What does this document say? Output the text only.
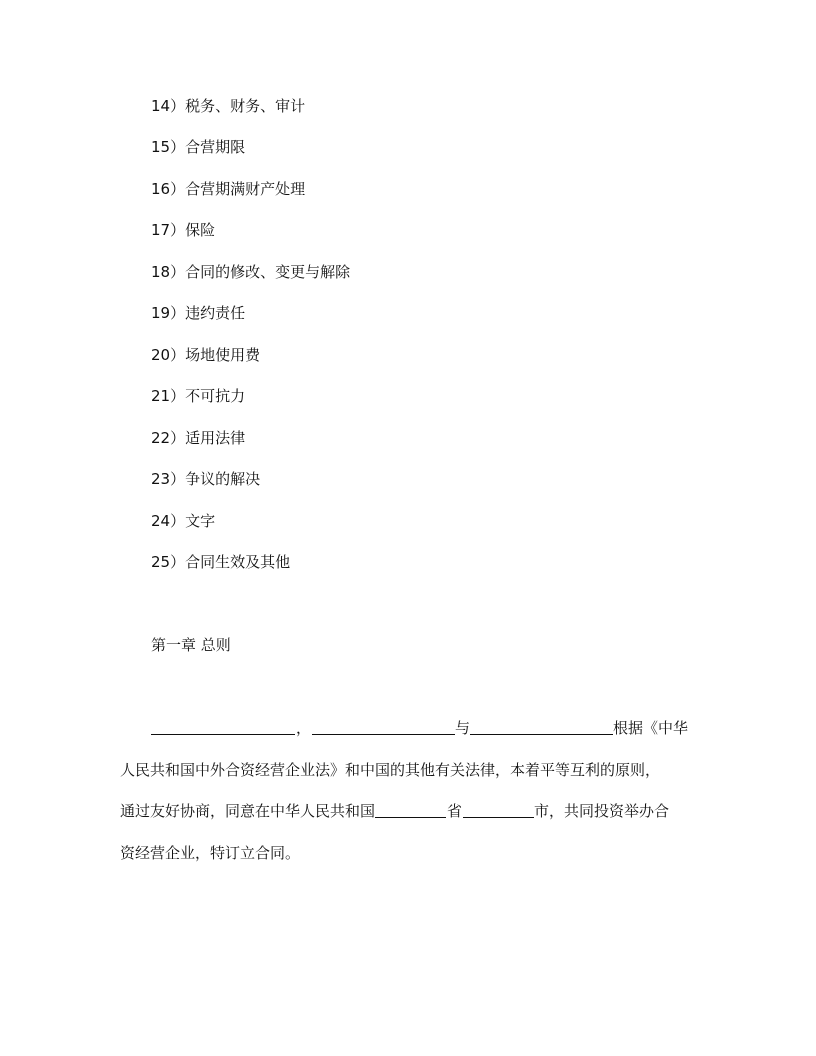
14）税务、财务、审计
15）合营期限
16）合营期满财产处理
17）保险
18）合同的修改、变更与解除
19）违约责任
20）场地使用费
21）不可抗力
22）适用法律
23）争议的解决
24）文字
25）合同生效及其他
第一章 总则
，	与	根据《中华
人民共和国中外合资经营企业法》和中国的其他有关法律，本着平等互利的原则，
通过友好协商，同意在中华人民共和国	省	市，共同投资举办合
资经营企业，特订立合同。
